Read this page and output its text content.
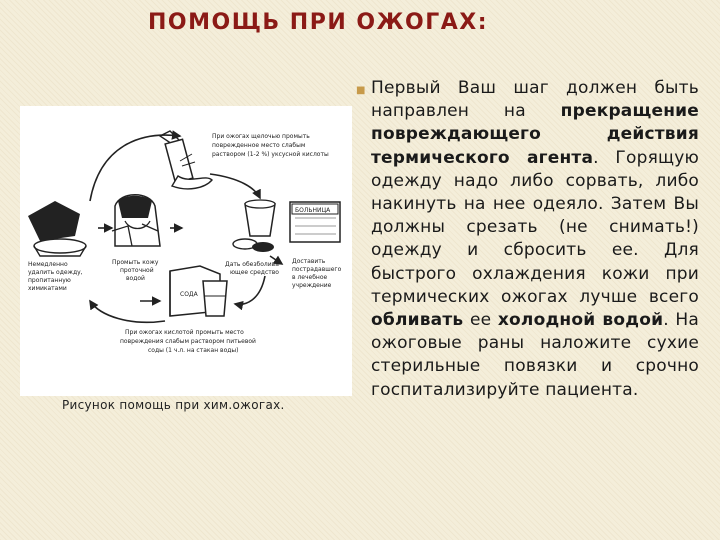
ПОМОЩЬ ПРИ ОЖОГАХ:
При ожогах щелочью промыть
поврежденное место слабым
раствором (1-2 %) уксусной кислоты
Немедленно
удалить одежду,
пропитанную
химикатами
Промыть кожу
проточной
водой
БОЛЬНИЦА
Дать обезболива-
ющее средство
Доставить
пострадавшего
в лечебное
учреждение
СОДА
При ожогах кислотой промыть место
повреждения слабым раствором питьевой
соды (1 ч.л. на стакан воды)
Рисунок помощь при хим.ожогах.
■ Первый Ваш шаг должен быть направлен на прекращение повреждающего действия термического агента. Горящую одежду надо либо сорвать, либо накинуть на нее одеяло. Затем Вы должны срезать (не снимать!) одежду и сбросить ее. Для быстрого охлаждения кожи при термических ожогах лучше всего обливать ее холодной водой. На ожоговые раны наложите сухие стерильные повязки и срочно госпитализируйте пациента.
